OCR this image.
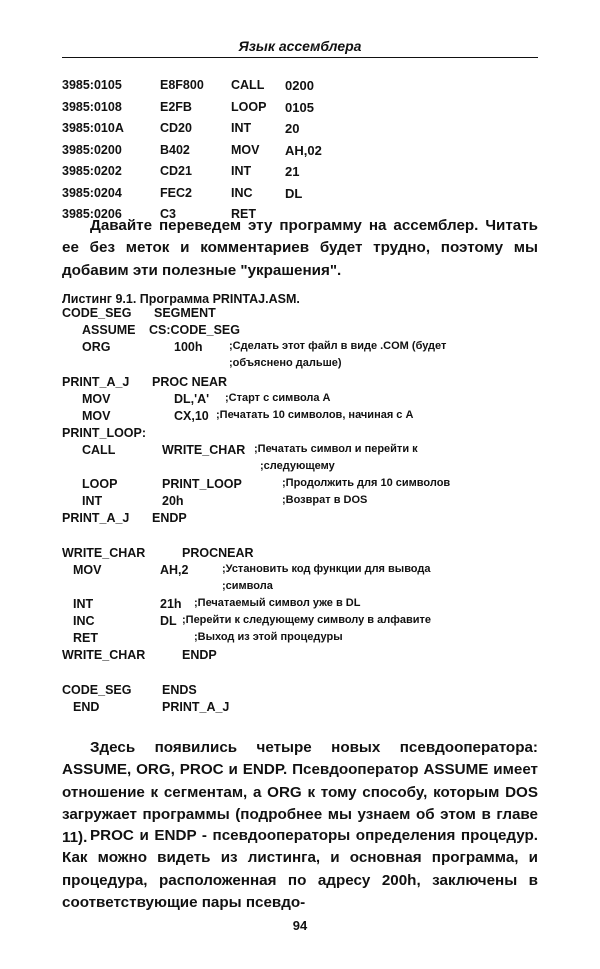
Язык ассемблера
3985:0105	E8F800 CALL 0200
3985:0108	E2FB	LOOP 0105
3985:010A	CD20	INT	20
3985:0200	B402	MOV AH,02
3985:0202	CD21	INT	21
3985:0204	FEC2	INC DL
3985:0206	C3	RET

Давайте переведем эту программу на ассемблер. Читать ее без меток и комментариев будет трудно, поэтому мы добавим эти полезные "украшения".

Листинг 9.1. Программа PRINTAJ.ASM.
CODE_SEG SEGMENT
ASSUME CS:CODE_SEG
ORG	100h ;Сделать этот файл в виде .COM (будет
;объяснено дальше)
PRINT_A_J PROC NEAR
MOV	DL,'A' ;Старт с символа А
MOV	CX,10 ;Печатать 10 символов, начиная с А
PRINT_LOOP:
CALL	WRITE_CHAR ;Печатать символ и перейти к
;следующему
LOOP	PRINT_LOOP	;Продолжить для 10 символов
INT	20h	;Возврат в DOS
PRINT_A_J ENDP
WRITE_CHAR	PROCNEAR
MOV	AH,2	;Установить код функции для вывода
;символа
INT	21h ;Печатаемый символ уже в DL
INC	DL ;Перейти к следующему символу в алфавите
RET	;Выход из этой процедуры
WRITE_CHAR	ENDP
CODE_SEG ENDS
END	PRINT_A_J

Здесь появились четыре новых псевдооператора: ASSUME, ORG, PROC и ENDP. Псевдооператор ASSUME имеет отношение к сегментам, а ORG к тому способу, которым DOS загружает программы (подробнее мы узнаем об этом в главе 11). PROC и ENDP - псевдооператоры определения процедур. Как можно видеть из листинга, и основная программа, и процедура, расположенная по адресу 200h, заключены в соответствующие пары псевдо-

94
